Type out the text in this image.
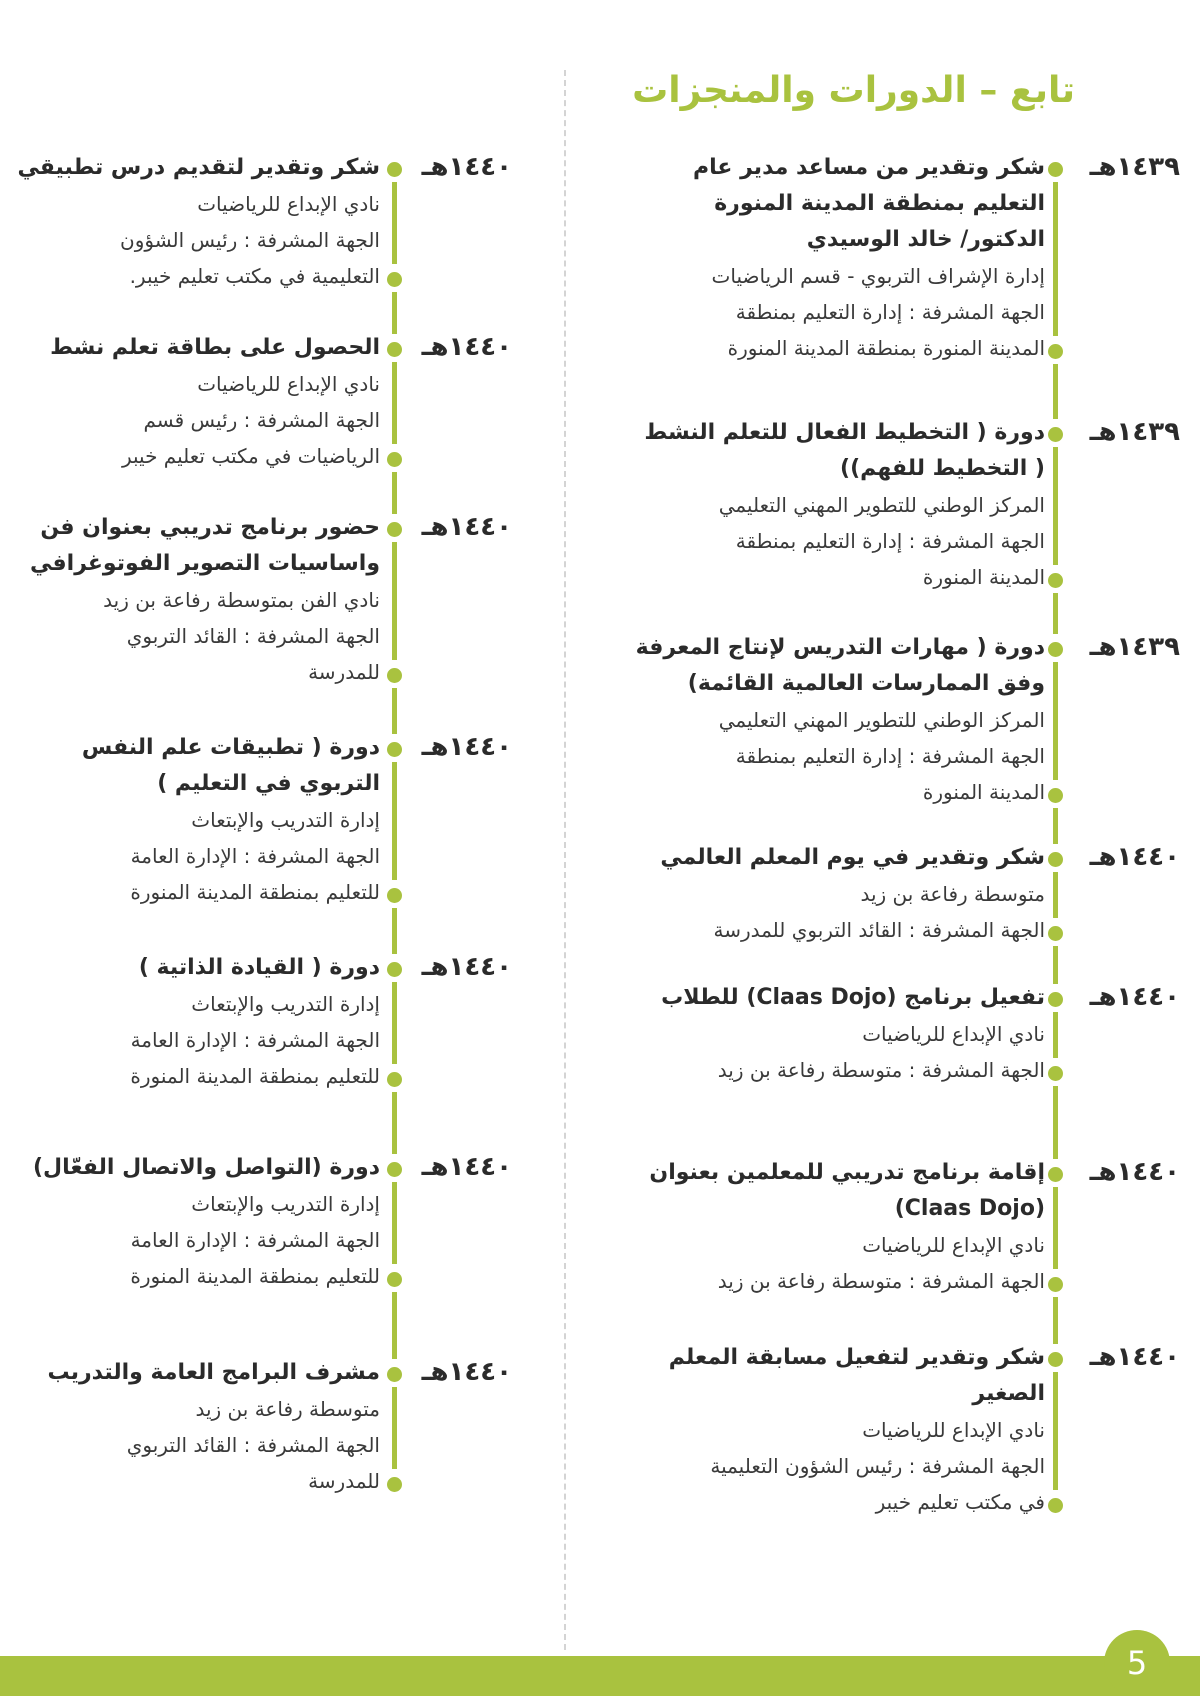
تابع – الدورات والمنجزات
١٤٣٩هـ
شكر وتقدير من مساعد مدير عام
التعليم بمنطقة المدينة المنورة
الدكتور/ خالد الوسيدي
إدارة الإشراف التربوي - قسم الرياضيات
الجهة المشرفة : إدارة التعليم بمنطقة
المدينة المنورة بمنطقة المدينة المنورة
١٤٣٩هـ
دورة ( التخطيط الفعال للتعلم النشط
( التخطيط للفهم))
المركز الوطني للتطوير المهني التعليمي
الجهة المشرفة : إدارة التعليم بمنطقة
المدينة المنورة
١٤٣٩هـ
دورة ( مهارات التدريس لإنتاج المعرفة
وفق الممارسات العالمية القائمة)
المركز الوطني للتطوير المهني التعليمي
الجهة المشرفة : إدارة التعليم بمنطقة
المدينة المنورة
١٤٤٠هـ
شكر وتقدير في يوم المعلم العالمي
متوسطة رفاعة بن زيد
الجهة المشرفة : القائد التربوي للمدرسة
١٤٤٠هـ
تفعيل برنامج (Claas Dojo) للطلاب
نادي الإبداع للرياضيات
الجهة المشرفة : متوسطة رفاعة بن زيد
١٤٤٠هـ
إقامة برنامج تدريبي للمعلمين بعنوان
(Claas Dojo)
نادي الإبداع للرياضيات
الجهة المشرفة : متوسطة رفاعة بن زيد
١٤٤٠هـ
شكر وتقدير لتفعيل مسابقة المعلم
الصغير
نادي الإبداع للرياضيات
الجهة المشرفة : رئيس الشؤون التعليمية
في مكتب تعليم خيبر
١٤٤٠هـ
شكر وتقدير لتقديم درس تطبيقي
نادي الإبداع للرياضيات
الجهة المشرفة : رئيس الشؤون
التعليمية في مكتب تعليم خيبر.
١٤٤٠هـ
الحصول على بطاقة تعلم نشط
نادي الإبداع للرياضيات
الجهة المشرفة : رئيس قسم
الرياضيات في مكتب تعليم خيبر
١٤٤٠هـ
حضور برنامج تدريبي بعنوان فن
واساسيات التصوير الفوتوغرافي
نادي الفن بمتوسطة رفاعة بن زيد
الجهة المشرفة : القائد التربوي
للمدرسة
١٤٤٠هـ
دورة ( تطبيقات علم النفس
التربوي في التعليم )
إدارة التدريب والإبتعاث
الجهة المشرفة : الإدارة العامة
للتعليم بمنطقة المدينة المنورة
١٤٤٠هـ
دورة ( القيادة الذاتية )
إدارة التدريب والإبتعاث
الجهة المشرفة : الإدارة العامة
للتعليم بمنطقة المدينة المنورة
١٤٤٠هـ
دورة (التواصل والاتصال الفعّال)
إدارة التدريب والإبتعاث
الجهة المشرفة : الإدارة العامة
للتعليم بمنطقة المدينة المنورة
١٤٤٠هـ
مشرف البرامج العامة والتدريب
متوسطة رفاعة بن زيد
الجهة المشرفة : القائد التربوي
للمدرسة
5
